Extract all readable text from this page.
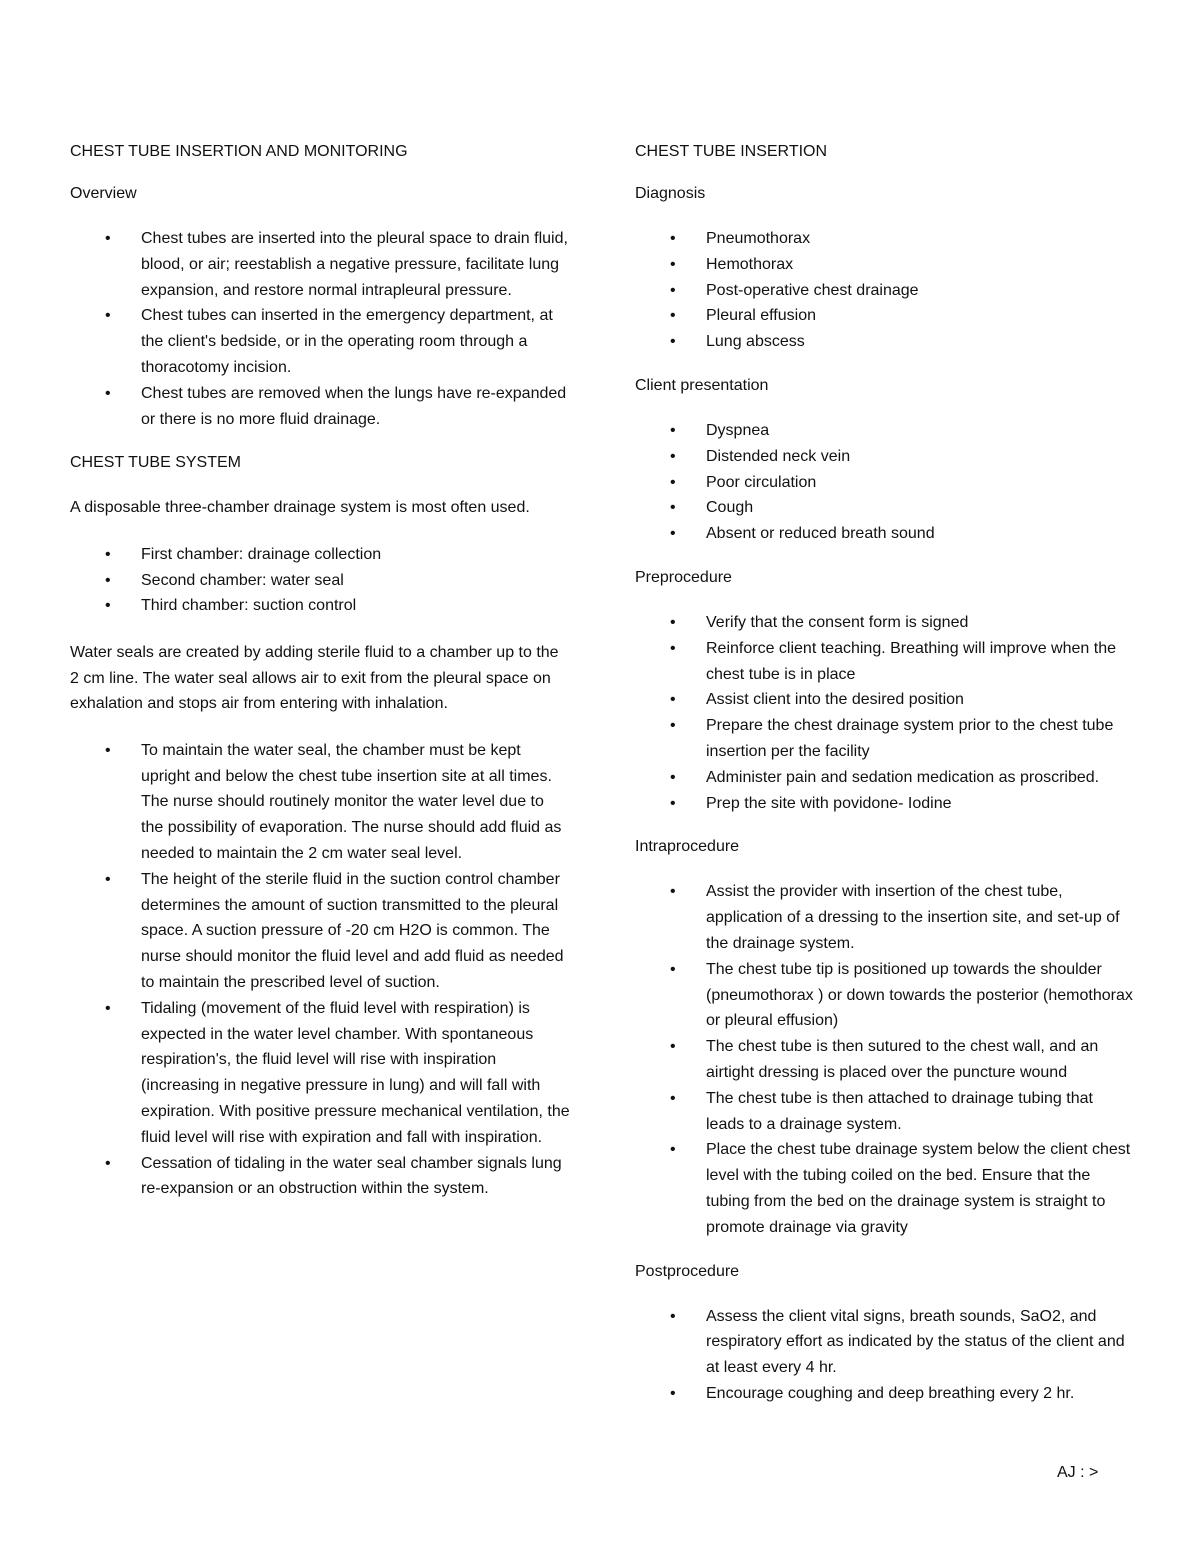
CHEST TUBE INSERTION AND MONITORING

Overview

• Chest tubes are inserted into the pleural space to drain fluid, blood, or air; reestablish a negative pressure, facilitate lung expansion, and restore normal intrapleural pressure.
• Chest tubes can inserted in the emergency department, at the client's bedside, or in the operating room through a thoracotomy incision.
• Chest tubes are removed when the lungs have re-expanded or there is no more fluid drainage.

CHEST TUBE SYSTEM

A disposable three-chamber drainage system is most often used.

• First chamber: drainage collection
• Second chamber: water seal
• Third chamber: suction control

Water seals are created by adding sterile fluid to a chamber up to the 2 cm line. The water seal allows air to exit from the pleural space on exhalation and stops air from entering with inhalation.

• To maintain the water seal, the chamber must be kept upright and below the chest tube insertion site at all times. The nurse should routinely monitor the water level due to the possibility of evaporation. The nurse should add fluid as needed to maintain the 2 cm water seal level.
• The height of the sterile fluid in the suction control chamber determines the amount of suction transmitted to the pleural space. A suction pressure of -20 cm H2O is common. The nurse should monitor the fluid level and add fluid as needed to maintain the prescribed level of suction.
• Tidaling (movement of the fluid level with respiration) is expected in the water level chamber. With spontaneous respiration's, the fluid level will rise with inspiration (increasing in negative pressure in lung) and will fall with expiration. With positive pressure mechanical ventilation, the fluid level will rise with expiration and fall with inspiration.
• Cessation of tidaling in the water seal chamber signals lung re-expansion or an obstruction within the system.

CHEST TUBE INSERTION

Diagnosis

• Pneumothorax
• Hemothorax
• Post-operative chest drainage
• Pleural effusion
• Lung abscess

Client presentation

• Dyspnea
• Distended neck vein
• Poor circulation
• Cough
• Absent or reduced breath sound

Preprocedure

• Verify that the consent form is signed
• Reinforce client teaching. Breathing will improve when the chest tube is in place
• Assist client into the desired position
• Prepare the chest drainage system prior to the chest tube insertion per the facility
• Administer pain and sedation medication as proscribed.
• Prep the site with povidone- Iodine

Intraprocedure

• Assist the provider with insertion of the chest tube, application of a dressing to the insertion site, and set-up of the drainage system.
• The chest tube tip is positioned up towards the shoulder (pneumothorax ) or down towards the posterior (hemothorax or pleural effusion)
• The chest tube is then sutured to the chest wall, and an airtight dressing is placed over the puncture wound
• The chest tube is then attached to drainage tubing that leads to a drainage system.
• Place the chest tube drainage system below the client chest level with the tubing coiled on the bed. Ensure that the tubing from the bed on the drainage system is straight to promote drainage via gravity

Postprocedure

• Assess the client vital signs, breath sounds, SaO2, and respiratory effort as indicated by the status of the client and at least every 4 hr.
• Encourage coughing and deep breathing every 2 hr.
AJ : >
